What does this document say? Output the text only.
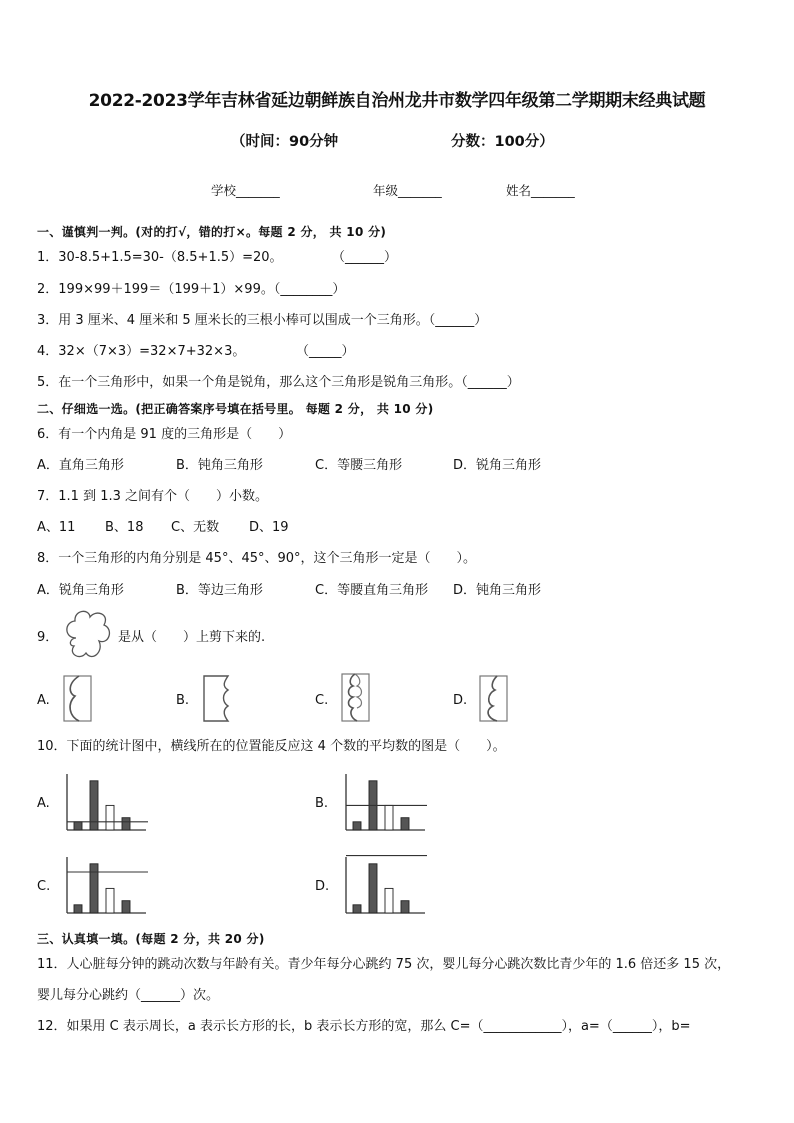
2022-2023学年吉林省延边朝鲜族自治州龙井市数学四年级第二学期期末经典试题
（时间：90分钟	分数：100分）
学校_______	年级_______	姓名_______
一、谨慎判一判。(对的打√，错的打×。每题 2 分， 共 10 分)
1．30-8.5+1.5=30-（8.5+1.5）=20。	（______）
2．199×99＋199＝（199＋1）×99。（________）
3．用 3 厘米、4 厘米和 5 厘米长的三根小棒可以围成一个三角形。（______）
4．32×（7×3）=32×7+32×3。	（_____）
5．在一个三角形中，如果一个角是锐角，那么这个三角形是锐角三角形。（______）
二、仔细选一选。(把正确答案序号填在括号里。 每题 2 分， 共 10 分)
6．有一个内角是 91 度的三角形是（　　）
A．直角三角形	B．钝角三角形	C．等腰三角形	D．锐角三角形
7．1.1 到 1.3 之间有个（　　）小数。
A、11 B、18 C、无数 D、19
8．一个三角形的内角分别是 45°、45°、90°，这个三角形一定是（　　）。
A．锐角三角形	B．等边三角形	C．等腰直角三角形 D．钝角三角形
9．	是从（　　）上剪下来的.
A.	B.	C.	D.
10．下面的统计图中，横线所在的位置能反应这 4 个数的平均数的图是（　　）。
A.	B.
C.	D.
三、认真填一填。(每题 2 分，共 20 分)
11．人心脏每分钟的跳动次数与年龄有关。青少年每分心跳约 75 次，婴儿每分心跳次数比青少年的 1.6 倍还多 15 次，
婴儿每分心跳约（______）次。
12．如果用 C 表示周长，a 表示长方形的长，b 表示长方形的宽，那么 C=（____________），a=（______），b=
